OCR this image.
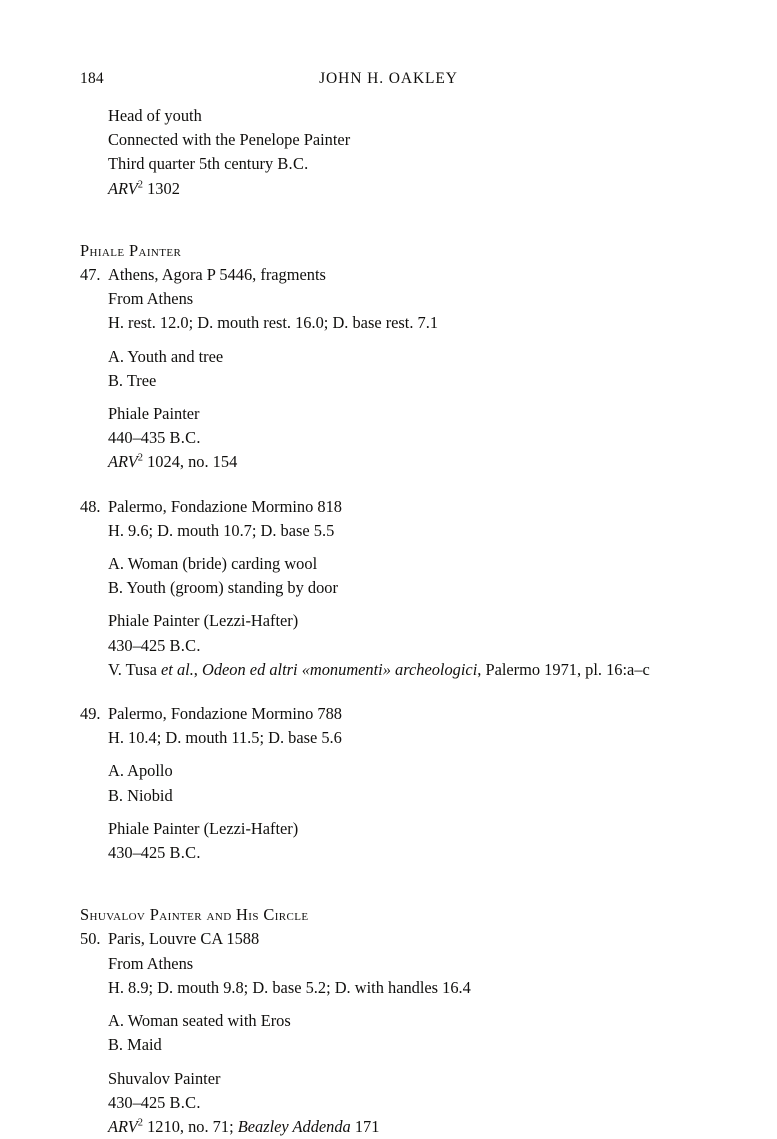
184	JOHN H. OAKLEY
Head of youth
Connected with the Penelope Painter
Third quarter 5th century B.C.
ARV$^2$ 1302
Phiale Painter
47. Athens, Agora P 5446, fragments
From Athens
H. rest. 12.0; D. mouth rest. 16.0; D. base rest. 7.1
A. Youth and tree
B. Tree
Phiale Painter
440–435 B.C.
ARV$^2$ 1024, no. 154
48. Palermo, Fondazione Mormino 818
H. 9.6; D. mouth 10.7; D. base 5.5
A. Woman (bride) carding wool
B. Youth (groom) standing by door
Phiale Painter (Lezzi-Hafter)
430–425 B.C.
V. Tusa et al., Odeon ed altri «monumenti» archeologici, Palermo 1971, pl. 16:a–c
49. Palermo, Fondazione Mormino 788
H. 10.4; D. mouth 11.5; D. base 5.6
A. Apollo
B. Niobid
Phiale Painter (Lezzi-Hafter)
430–425 B.C.
Shuvalov Painter and His Circle
50. Paris, Louvre CA 1588
From Athens
H. 8.9; D. mouth 9.8; D. base 5.2; D. with handles 16.4
A. Woman seated with Eros
B. Maid
Shuvalov Painter
430–425 B.C.
ARV$^2$ 1210, no. 71; Beazley Addenda 171
